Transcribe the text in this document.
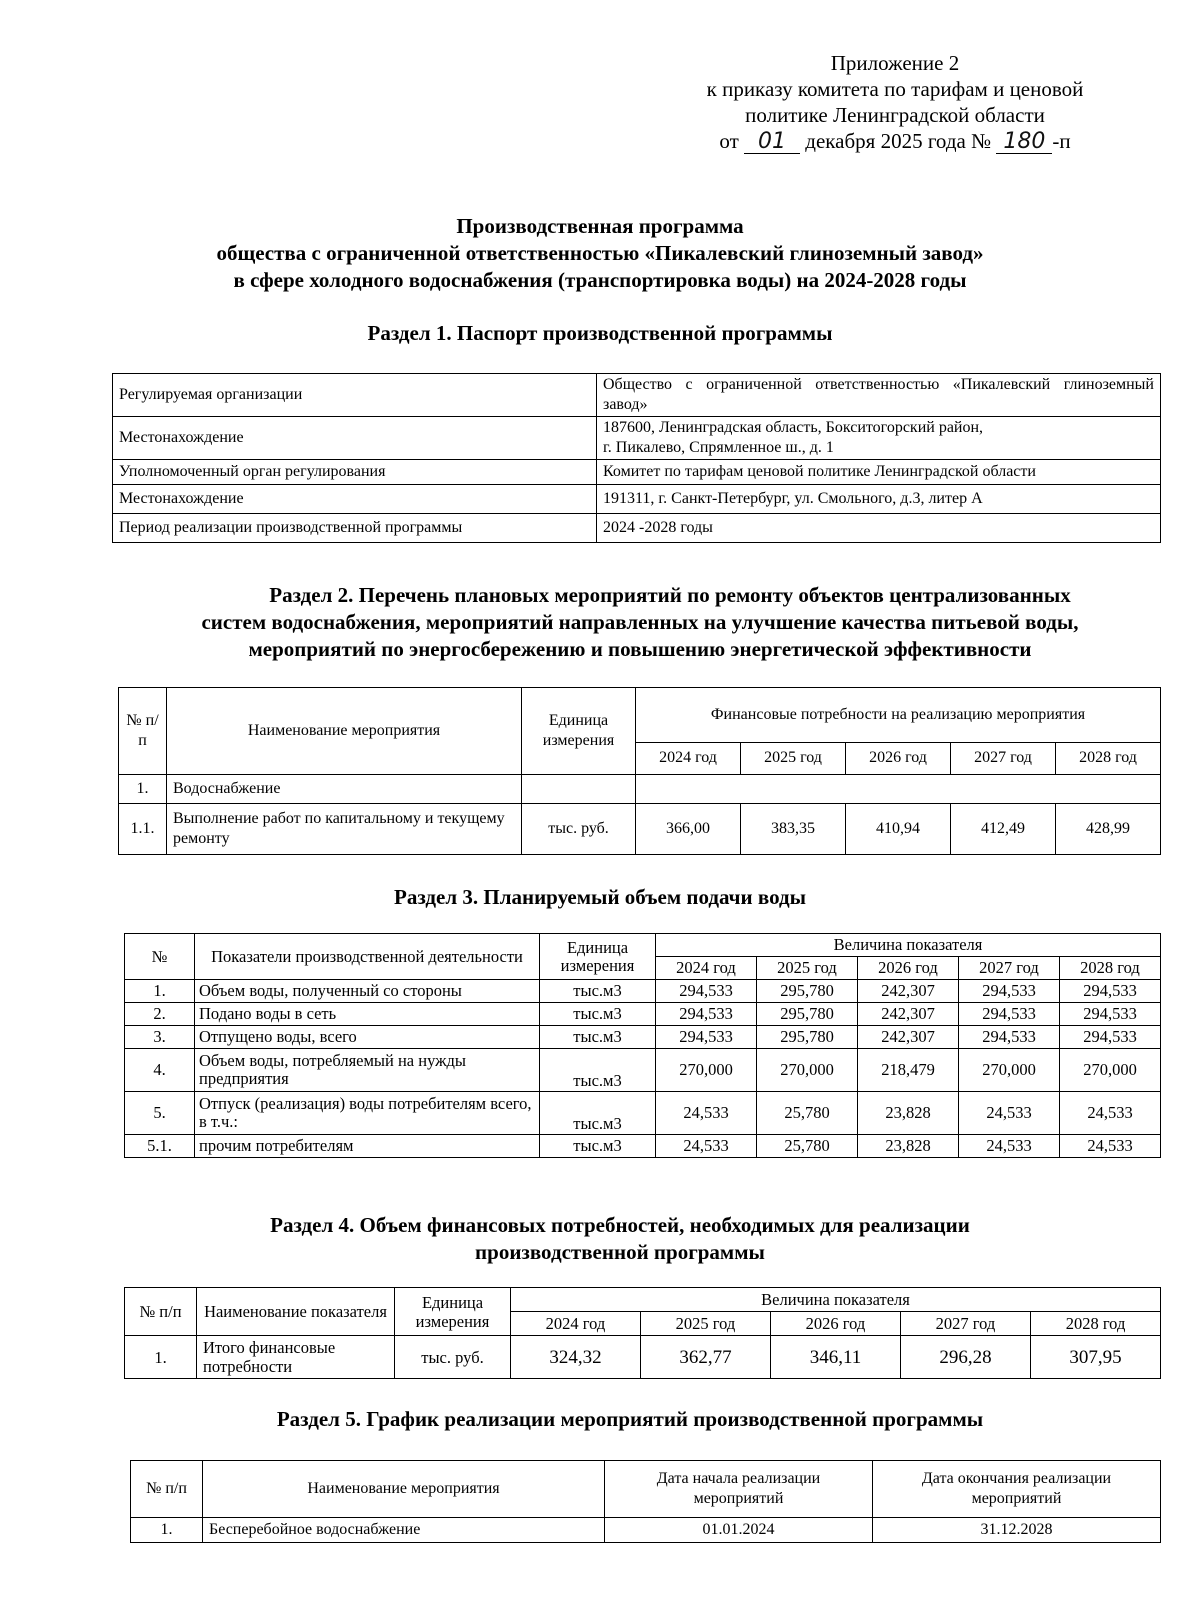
Приложение 2
к приказу комитета по тарифам и ценовой
политике Ленинградской области
от 01 декабря 2025 года № 180 -п
Производственная программа
общества с ограниченной ответственностью «Пикалевский глиноземный завод»
в сфере холодного водоснабжения (транспортировка воды) на 2024-2028 годы
Раздел 1. Паспорт производственной программы
Регулируемая организации	Общество с ограниченной ответственностью «Пикалевский глиноземный завод»
Местонахождение	187600, Ленинградская область, Бокситогорский район,
г. Пикалево, Спрямленное ш., д. 1

Уполномоченный орган регулирования	Комитет по тарифам ценовой политике Ленинградской области
Местонахождение	191311, г. Санкт-Петербург, ул. Смольного, д.3, литер А
Период реализации производственной программы	2024 -2028 годы
Раздел 2. Перечень плановых мероприятий по ремонту объектов централизованных
систем водоснабжения, мероприятий направленных на улучшение качества питьевой воды,
мероприятий по энергосбережению и повышению энергетической эффективности
№ п/п	Наименование мероприятия	Единица измерения	Финансовые потребности на реализацию мероприятия				
			2024 год	2025 год	2026 год	2027 год	2028 год
1.	Водоснабжение						
1.1.	Выполнение работ по капитальному и текущему ремонту	тыс. руб.	366,00	383,35	410,94	412,49	428,99
Раздел 3. Планируемый объем подачи воды
№	Показатели производственной деятельности	Единица измерения	Величина показателя				
			2024 год	2025 год	2026 год	2027 год	2028 год
1.	Объем воды, полученный со стороны	тыс.м3	294,533	295,780	242,307	294,533	294,533
2.	Подано воды в сеть	тыс.м3	294,533	295,780	242,307	294,533	294,533
3.	Отпущено воды, всего	тыс.м3	294,533	295,780	242,307	294,533	294,533
4.	Объем воды, потребляемый на нужды предприятия	тыс.м3	270,000	270,000	218,479	270,000	270,000
5.	Отпуск (реализация) воды потребителям всего, в т.ч.:	тыс.м3	24,533	25,780	23,828	24,533	24,533
5.1.	прочим потребителям	тыс.м3	24,533	25,780	23,828	24,533	24,533
Раздел 4. Объем финансовых потребностей, необходимых для реализации
производственной программы
№ п/п	Наименование показателя	Единица измерения	Величина показателя				
			2024 год	2025 год	2026 год	2027 год	2028 год
1.	Итого финансовые потребности	тыс. руб.	324,32	362,77	346,11	296,28	307,95
Раздел 5. График реализации мероприятий производственной программы
№ п/п	Наименование мероприятия	Дата начала реализации мероприятий	Дата окончания реализации мероприятий
1.	Бесперебойное водоснабжение	01.01.2024	31.12.2028
